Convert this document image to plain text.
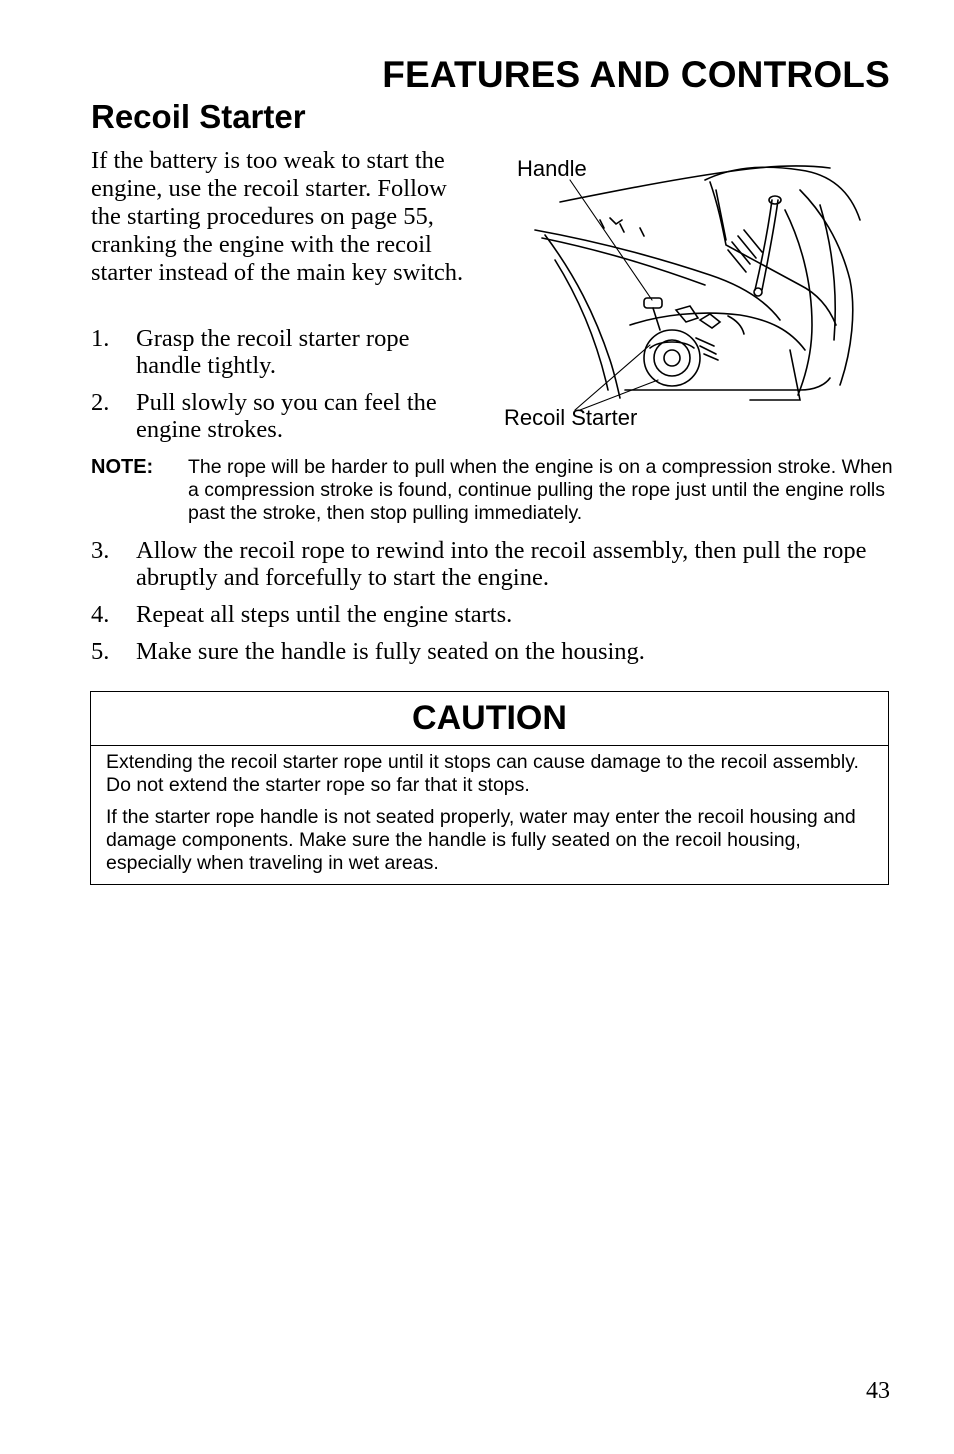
FEATURES AND CONTROLS
Recoil Starter

If the battery is too weak to start the engine, use the recoil starter. Follow the starting procedures on page 55, cranking the engine with the recoil starter instead of the main key switch.

1. Grasp the recoil starter rope handle tightly.
2. Pull slowly so you can feel the engine strokes.
Handle
Recoil Starter
NOTE: The rope will be harder to pull when the engine is on a compression stroke. When a compression stroke is found, continue pulling the rope just until the engine rolls past the stroke, then stop pulling immediately.
3. Allow the recoil rope to rewind into the recoil assembly, then pull the rope abruptly and forcefully to start the engine.
4. Repeat all steps until the engine starts.
5. Make sure the handle is fully seated on the housing.
CAUTION

Extending the recoil starter rope until it stops can cause damage to the recoil assembly. Do not extend the starter rope so far that it stops.

If the starter rope handle is not seated properly, water may enter the recoil housing and damage components. Make sure the handle is fully seated on the recoil housing, especially when traveling in wet areas.

43
